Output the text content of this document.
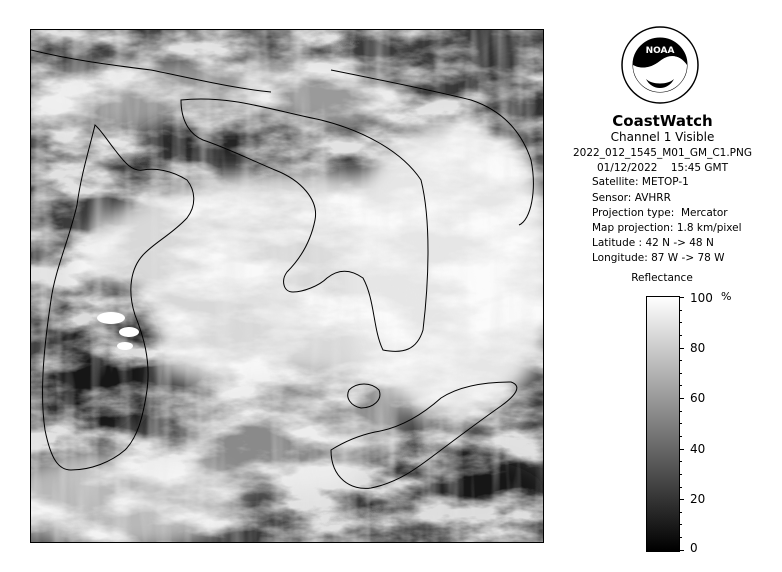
NOAA
CoastWatch
Channel 1 Visible
2022_012_1545_M01_GM_C1.PNG
01/12/2022 15:45 GMT
Satellite: METOP-1
Sensor: AVHRR
Projection type: Mercator
Map projection: 1.8 km/pixel
Latitude : 42 N -> 48 N
Longitude: 87 W -> 78 W
Reflectance
%
100
80
60
40
20
0
